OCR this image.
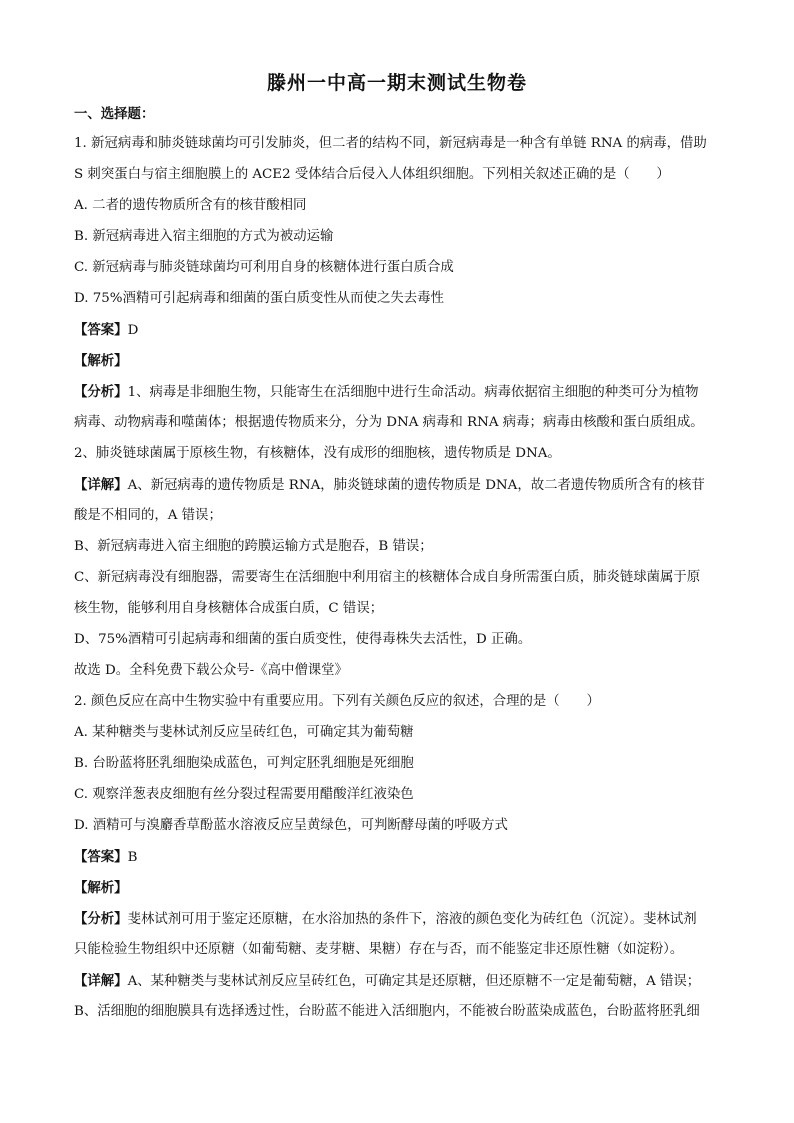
滕州一中高一期末测试生物卷
一、选择题：
1. 新冠病毒和肺炎链球菌均可引发肺炎，但二者的结构不同，新冠病毒是一种含有单链 RNA 的病毒，借助
S 刺突蛋白与宿主细胞膜上的 ACE2 受体结合后侵入人体组织细胞。下列相关叙述正确的是（　　）
A. 二者的遗传物质所含有的核苷酸相同
B. 新冠病毒进入宿主细胞的方式为被动运输
C. 新冠病毒与肺炎链球菌均可利用自身的核糖体进行蛋白质合成
D. 75%酒精可引起病毒和细菌的蛋白质变性从而使之失去毒性
【答案】D
【解析】
【分析】1、病毒是非细胞生物，只能寄生在活细胞中进行生命活动。病毒依据宿主细胞的种类可分为植物
病毒、动物病毒和噬菌体；根据遗传物质来分，分为 DNA 病毒和 RNA 病毒；病毒由核酸和蛋白质组成。
2、肺炎链球菌属于原核生物，有核糖体，没有成形的细胞核，遗传物质是 DNA。
【详解】A、新冠病毒的遗传物质是 RNA，肺炎链球菌的遗传物质是 DNA，故二者遗传物质所含有的核苷
酸是不相同的，A 错误；
B、新冠病毒进入宿主细胞的跨膜运输方式是胞吞，B 错误；
C、新冠病毒没有细胞器，需要寄生在活细胞中利用宿主的核糖体合成自身所需蛋白质，肺炎链球菌属于原
核生物，能够利用自身核糖体合成蛋白质，C 错误；
D、75%酒精可引起病毒和细菌的蛋白质变性，使得毒株失去活性，D 正确。
故选 D。全科免费下载公众号-《高中僧课堂》
2. 颜色反应在高中生物实验中有重要应用。下列有关颜色反应的叙述，合理的是（　　）
A. 某种糖类与斐林试剂反应呈砖红色，可确定其为葡萄糖
B. 台盼蓝将胚乳细胞染成蓝色，可判定胚乳细胞是死细胞
C. 观察洋葱表皮细胞有丝分裂过程需要用醋酸洋红液染色
D. 酒精可与溴麝香草酚蓝水溶液反应呈黄绿色，可判断酵母菌的呼吸方式
【答案】B
【解析】
【分析】斐林试剂可用于鉴定还原糖，在水浴加热的条件下，溶液的颜色变化为砖红色（沉淀）。斐林试剂
只能检验生物组织中还原糖（如葡萄糖、麦芽糖、果糖）存在与否，而不能鉴定非还原性糖（如淀粉）。
【详解】A、某种糖类与斐林试剂反应呈砖红色，可确定其是还原糖，但还原糖不一定是葡萄糖，A 错误；
B、活细胞的细胞膜具有选择透过性，台盼蓝不能进入活细胞内，不能被台盼蓝染成蓝色，台盼蓝将胚乳细
